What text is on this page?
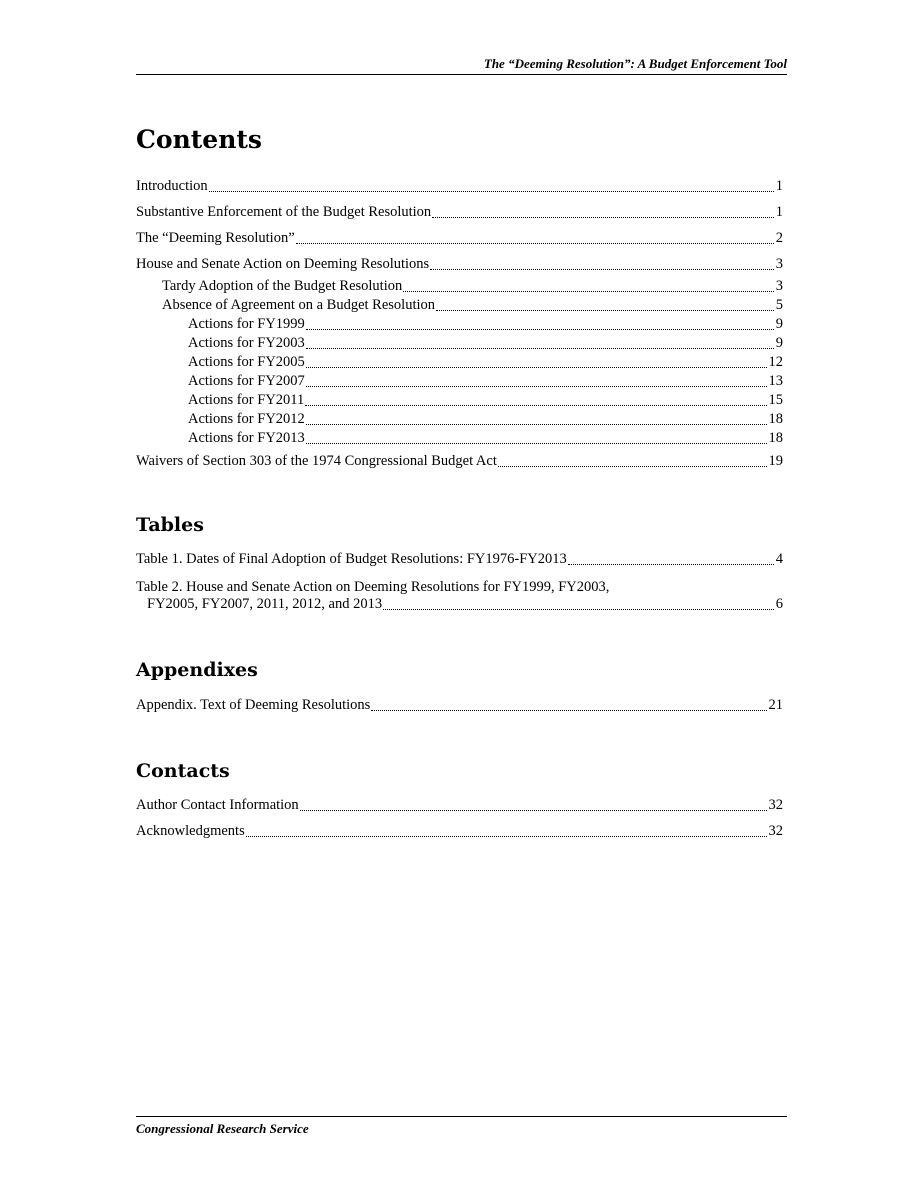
The “Deeming Resolution”: A Budget Enforcement Tool
Contents
Introduction	1
Substantive Enforcement of the Budget Resolution	1
The “Deeming Resolution”	2
House and Senate Action on Deeming Resolutions	3
Tardy Adoption of the Budget Resolution	3
Absence of Agreement on a Budget Resolution	5
Actions for FY1999	9
Actions for FY2003	9
Actions for FY2005	12
Actions for FY2007	13
Actions for FY2011	15
Actions for FY2012	18
Actions for FY2013	18
Waivers of Section 303 of the 1974 Congressional Budget Act	19
Tables
Table 1. Dates of Final Adoption of Budget Resolutions: FY1976-FY2013	4
Table 2. House and Senate Action on Deeming Resolutions for FY1999, FY2003,
FY2005, FY2007, 2011, 2012, and 2013	6
Appendixes
Appendix. Text of Deeming Resolutions	21
Contacts
Author Contact Information	32
Acknowledgments	32
Congressional Research Service
